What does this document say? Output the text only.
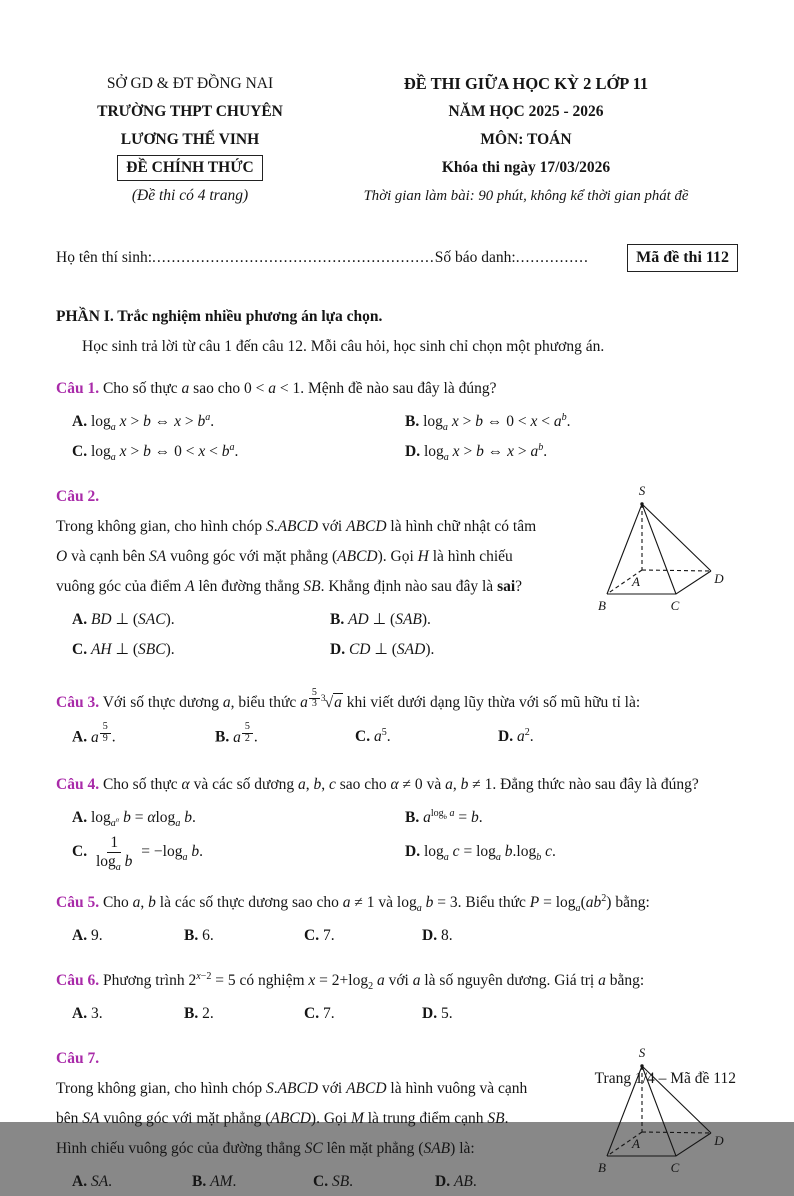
SỞ GD & ĐT ĐỒNG NAI
TRƯỜNG THPT CHUYÊN
LƯƠNG THẾ VINH
ĐỀ CHÍNH THỨC
(Đề thi có 4 trang)
ĐỀ THI GIỮA HỌC KỲ 2 LỚP 11
NĂM HỌC 2025 - 2026
MÔN: TOÁN
Khóa thi ngày 17/03/2026
Thời gian làm bài: 90 phút, không kể thời gian phát đề
Họ tên thí sinh: .......................................................... Số báo danh: ...............	Mã đề thi 112
PHẦN I. Trắc nghiệm nhiều phương án lựa chọn.
Học sinh trả lời từ câu 1 đến câu 12. Mỗi câu hỏi, học sinh chỉ chọn một phương án.
Câu 1. Cho số thực a sao cho 0 < a < 1. Mệnh đề nào sau đây là đúng?
A. $\log_a x > b$ ⇔ $x > b^a$.	B. $\log_a x > b$ ⇔ $0 < x < a^b$.
C. $\log_a x > b$ ⇔ $0 < x < b^a$.	D. $\log_a x > b$ ⇔ $x > a^b$.
Câu 2.
Trong không gian, cho hình chóp S.ABCD với ABCD là hình chữ nhật có tâm
O và cạnh bên SA vuông góc với mặt phẳng (ABCD). Gọi H là hình chiếu
vuông góc của điểm A lên đường thẳng SB. Khẳng định nào sau đây là sai?
A. BD ⊥ (SAC).	B. AD ⊥ (SAB).
C. AH ⊥ (SBC).	D. CD ⊥ (SAD).
S
A
B	C
D
Câu 3. Với số thực dương a, biểu thức a $^{\frac{5}{3}}$ $^3$√a khi viết dưới dạng lũy thừa với số mũ hữu tỉ là:
A. a $^{\frac{5}{9}}$ .	B. a $^{\frac{5}{2}}$ .	C. $a^5$.	D. $a^2$.
Câu 4. Cho số thực α và các số dương a, b, c sao cho α ≠ 0 và a, b ≠ 1. Đẳng thức nào sau đây là đúng?
A. $\log_{a^\alpha} b = \alpha\log_a$ b.	B. $a^{log_b a} = b$.
C. $\frac{1}{\log_a b} = -\log_a$ b.	D. $\log_a c = \log_a b.\log_b$ c.
Câu 5. Cho a, b là các số thực dương sao cho a ≠ 1 và $\log_a b = 3$. Biểu thức $P = \log_a(ab^2)$ bằng:
A. 9.	B. 6.	C. 7.	D. 8.
Câu 6. Phương trình $2^{x-2} = 5$ có nghiệm $x = 2+\log_2$ a với a là số nguyên dương. Giá trị a bằng:
A. 3.	B. 2.	C. 7.	D. 5.
Câu 7.
Trong không gian, cho hình chóp S.ABCD với ABCD là hình vuông và cạnh
bên SA vuông góc với mặt phẳng (ABCD). Gọi M là trung điểm cạnh SB.
Hình chiếu vuông góc của đường thẳng SC lên mặt phẳng (SAB) là:
A. SA.	B. AM.	C. SB.	D. AB.
S
A
B	C
D
Trang 1/4 – Mã đề 112
